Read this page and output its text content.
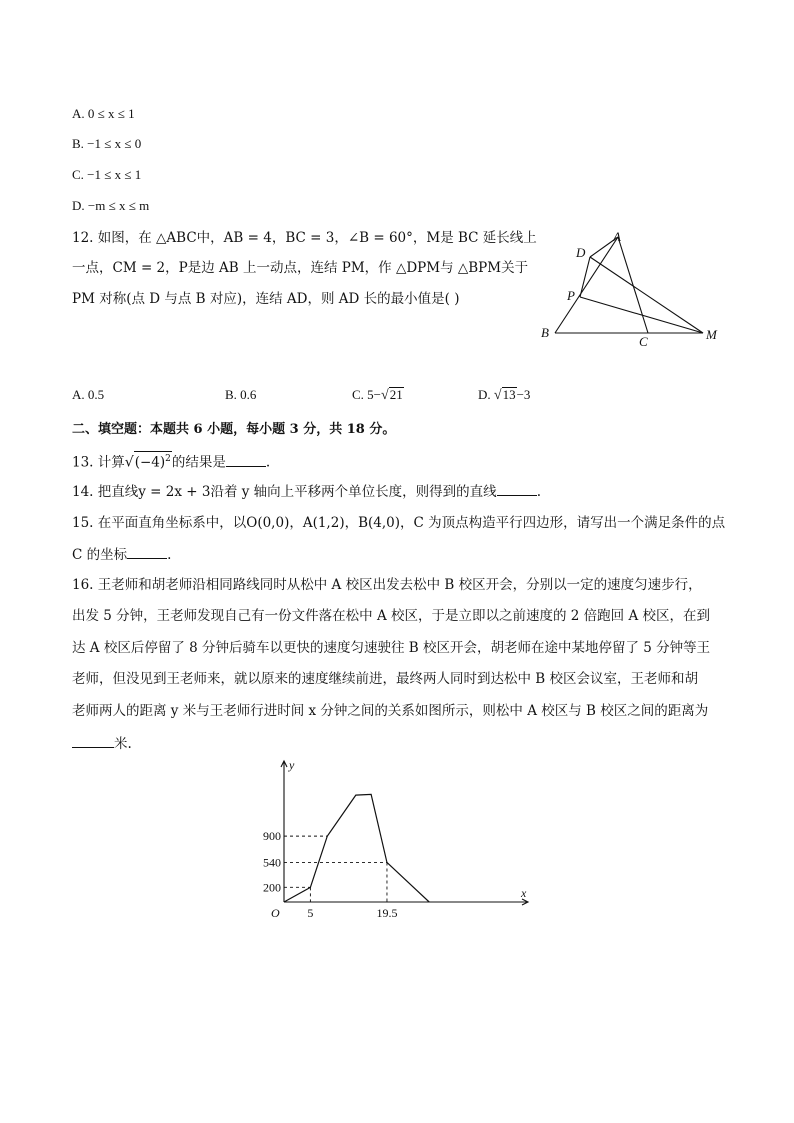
A. 0 ≤ x ≤ 1
B. −1 ≤ x ≤ 0
C. −1 ≤ x ≤ 1
D. −m ≤ x ≤ m
12. 如图，在 △ABC中，AB = 4，BC = 3，∠B = 60°，M是 BC 延长线上
一点，CM = 2，P是边 AB 上一动点，连结 PM，作 △DPM与 △BPM关于
PM 对称(点 D 与点 B 对应)，连结 AD，则 AD 长的最小值是( )
A
D
P
B
C	M
A. 0.5	B. 0.6	C. 5−√21	D. √13−3
二、填空题：本题共 6 小题，每小题 3 分，共 18 分。
13. 计算$√(-4)^2$的结果是	.
14. 把直线y = 2x + 3沿着 y 轴向上平移两个单位长度，则得到的直线	.
15. 在平面直角坐标系中，以O(0,0)，A(1,2)，B(4,0)，C 为顶点构造平行四边形，请写出一个满足条件的点
C 的坐标	.
16. 王老师和胡老师沿相同路线同时从松中 A 校区出发去松中 B 校区开会，分别以一定的速度匀速步行，
出发 5 分钟，王老师发现自己有一份文件落在松中 A 校区，于是立即以之前速度的 2 倍跑回 A 校区，在到
达 A 校区后停留了 8 分钟后骑车以更快的速度匀速驶往 B 校区开会，胡老师在途中某地停留了 5 分钟等王
老师，但没见到王老师来，就以原来的速度继续前进，最终两人同时到达松中 B 校区会议室，王老师和胡
老师两人的距离 y 米与王老师行进时间 x 分钟之间的关系如图所示，则松中 A 校区与 B 校区之间的距离为
米.
900
540
200
5	19.5
x
y
O
